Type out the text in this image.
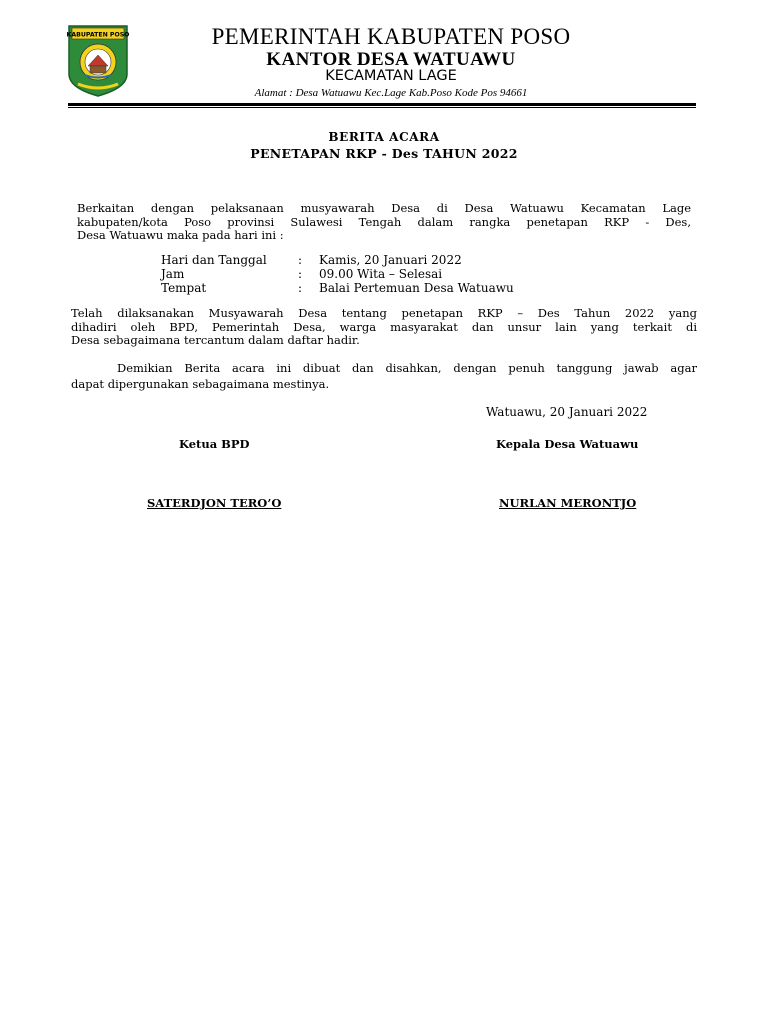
KABUPATEN POSO	PEMERINTAH KABUPATEN POSO
KANTOR DESA WATUAWU
KECAMATAN LAGE
Alamat : Desa Watuawu Kec.Lage Kab.Poso Kode Pos 94661
BERITA ACARA
PENETAPAN RKP - Des TAHUN 2022
Berkaitan dengan pelaksanaan musyawarah Desa di Desa Watuawu Kecamatan Lage
kabupaten/kota Poso provinsi Sulawesi Tengah dalam rangka penetapan RKP - Des,
Desa Watuawu maka pada hari ini :
Hari dan Tanggal	: Kamis, 20 Januari 2022
Jam	: 09.00 Wita – Selesai
Tempat	: Balai Pertemuan Desa Watuawu
Telah dilaksanakan Musyawarah Desa tentang penetapan RKP – Des Tahun 2022 yang
dihadiri oleh BPD, Pemerintah Desa, warga masyarakat dan unsur lain yang terkait di
Desa sebagaimana tercantum dalam daftar hadir.
Demikian Berita acara ini dibuat dan disahkan, dengan penuh tanggung jawab agar
dapat dipergunakan sebagaimana mestinya.
Watuawu, 20 Januari 2022
Ketua BPD	Kepala Desa Watuawu
SATERDJON TERO’O	NURLAN MERONTJO
